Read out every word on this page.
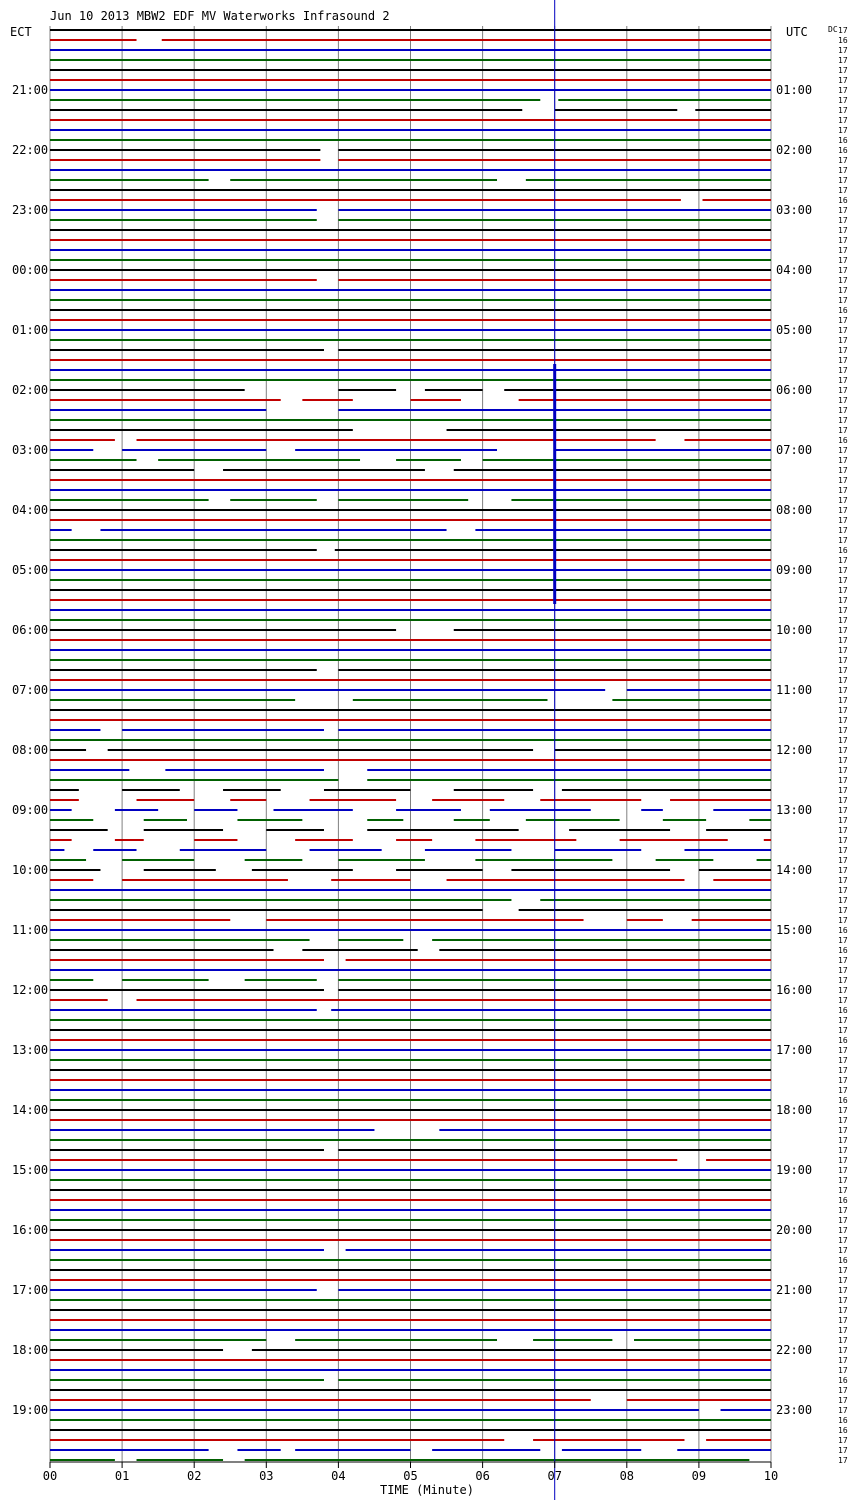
Jun 10 2013 MBW2 EDF MV Waterworks Infrasound 2
ECT	UTC	DC
TIME (Minute)
00	01	02	03	04	05	06	07	08	09	10
21:00
22:00
23:00
00:00
01:00
02:00
03:00
04:00
05:00
06:00
07:00
08:00
09:00
10:00
11:00
12:00
13:00
14:00
15:00
16:00
17:00
18:00
19:00
01:00
02:00
03:00
04:00
05:00
06:00
07:00
08:00
09:00
10:00
11:00
12:00
13:00
14:00
15:00
16:00
17:00
18:00
19:00
20:00
21:00
22:00
23:00
17
16
17
17
17
17
17
17
17
17
17
16
16
17
17
17
17
16
17
17
17
17
17
17
17
17
17
17
16
17
17
17
17
17
17
17
17
17
17
17
17
16
17
17
17
17
17
17
17
17
17
17
16
17
17
17
17
17
17
17
17
17
17
17
17
17
17
17
17
17
17
17
17
17
17
17
17
17
17
17
17
17
17
17
17
17
17
17
17
17
16
17
16
17
17
17
17
17
16
17
17
16
17
17
17
17
17
16
17
17
17
17
17
17
17
17
17
16
17
17
17
17
17
16
17
17
17
17
17
17
17
17
17
17
17
16
17
17
17
16
16
17
17
17
